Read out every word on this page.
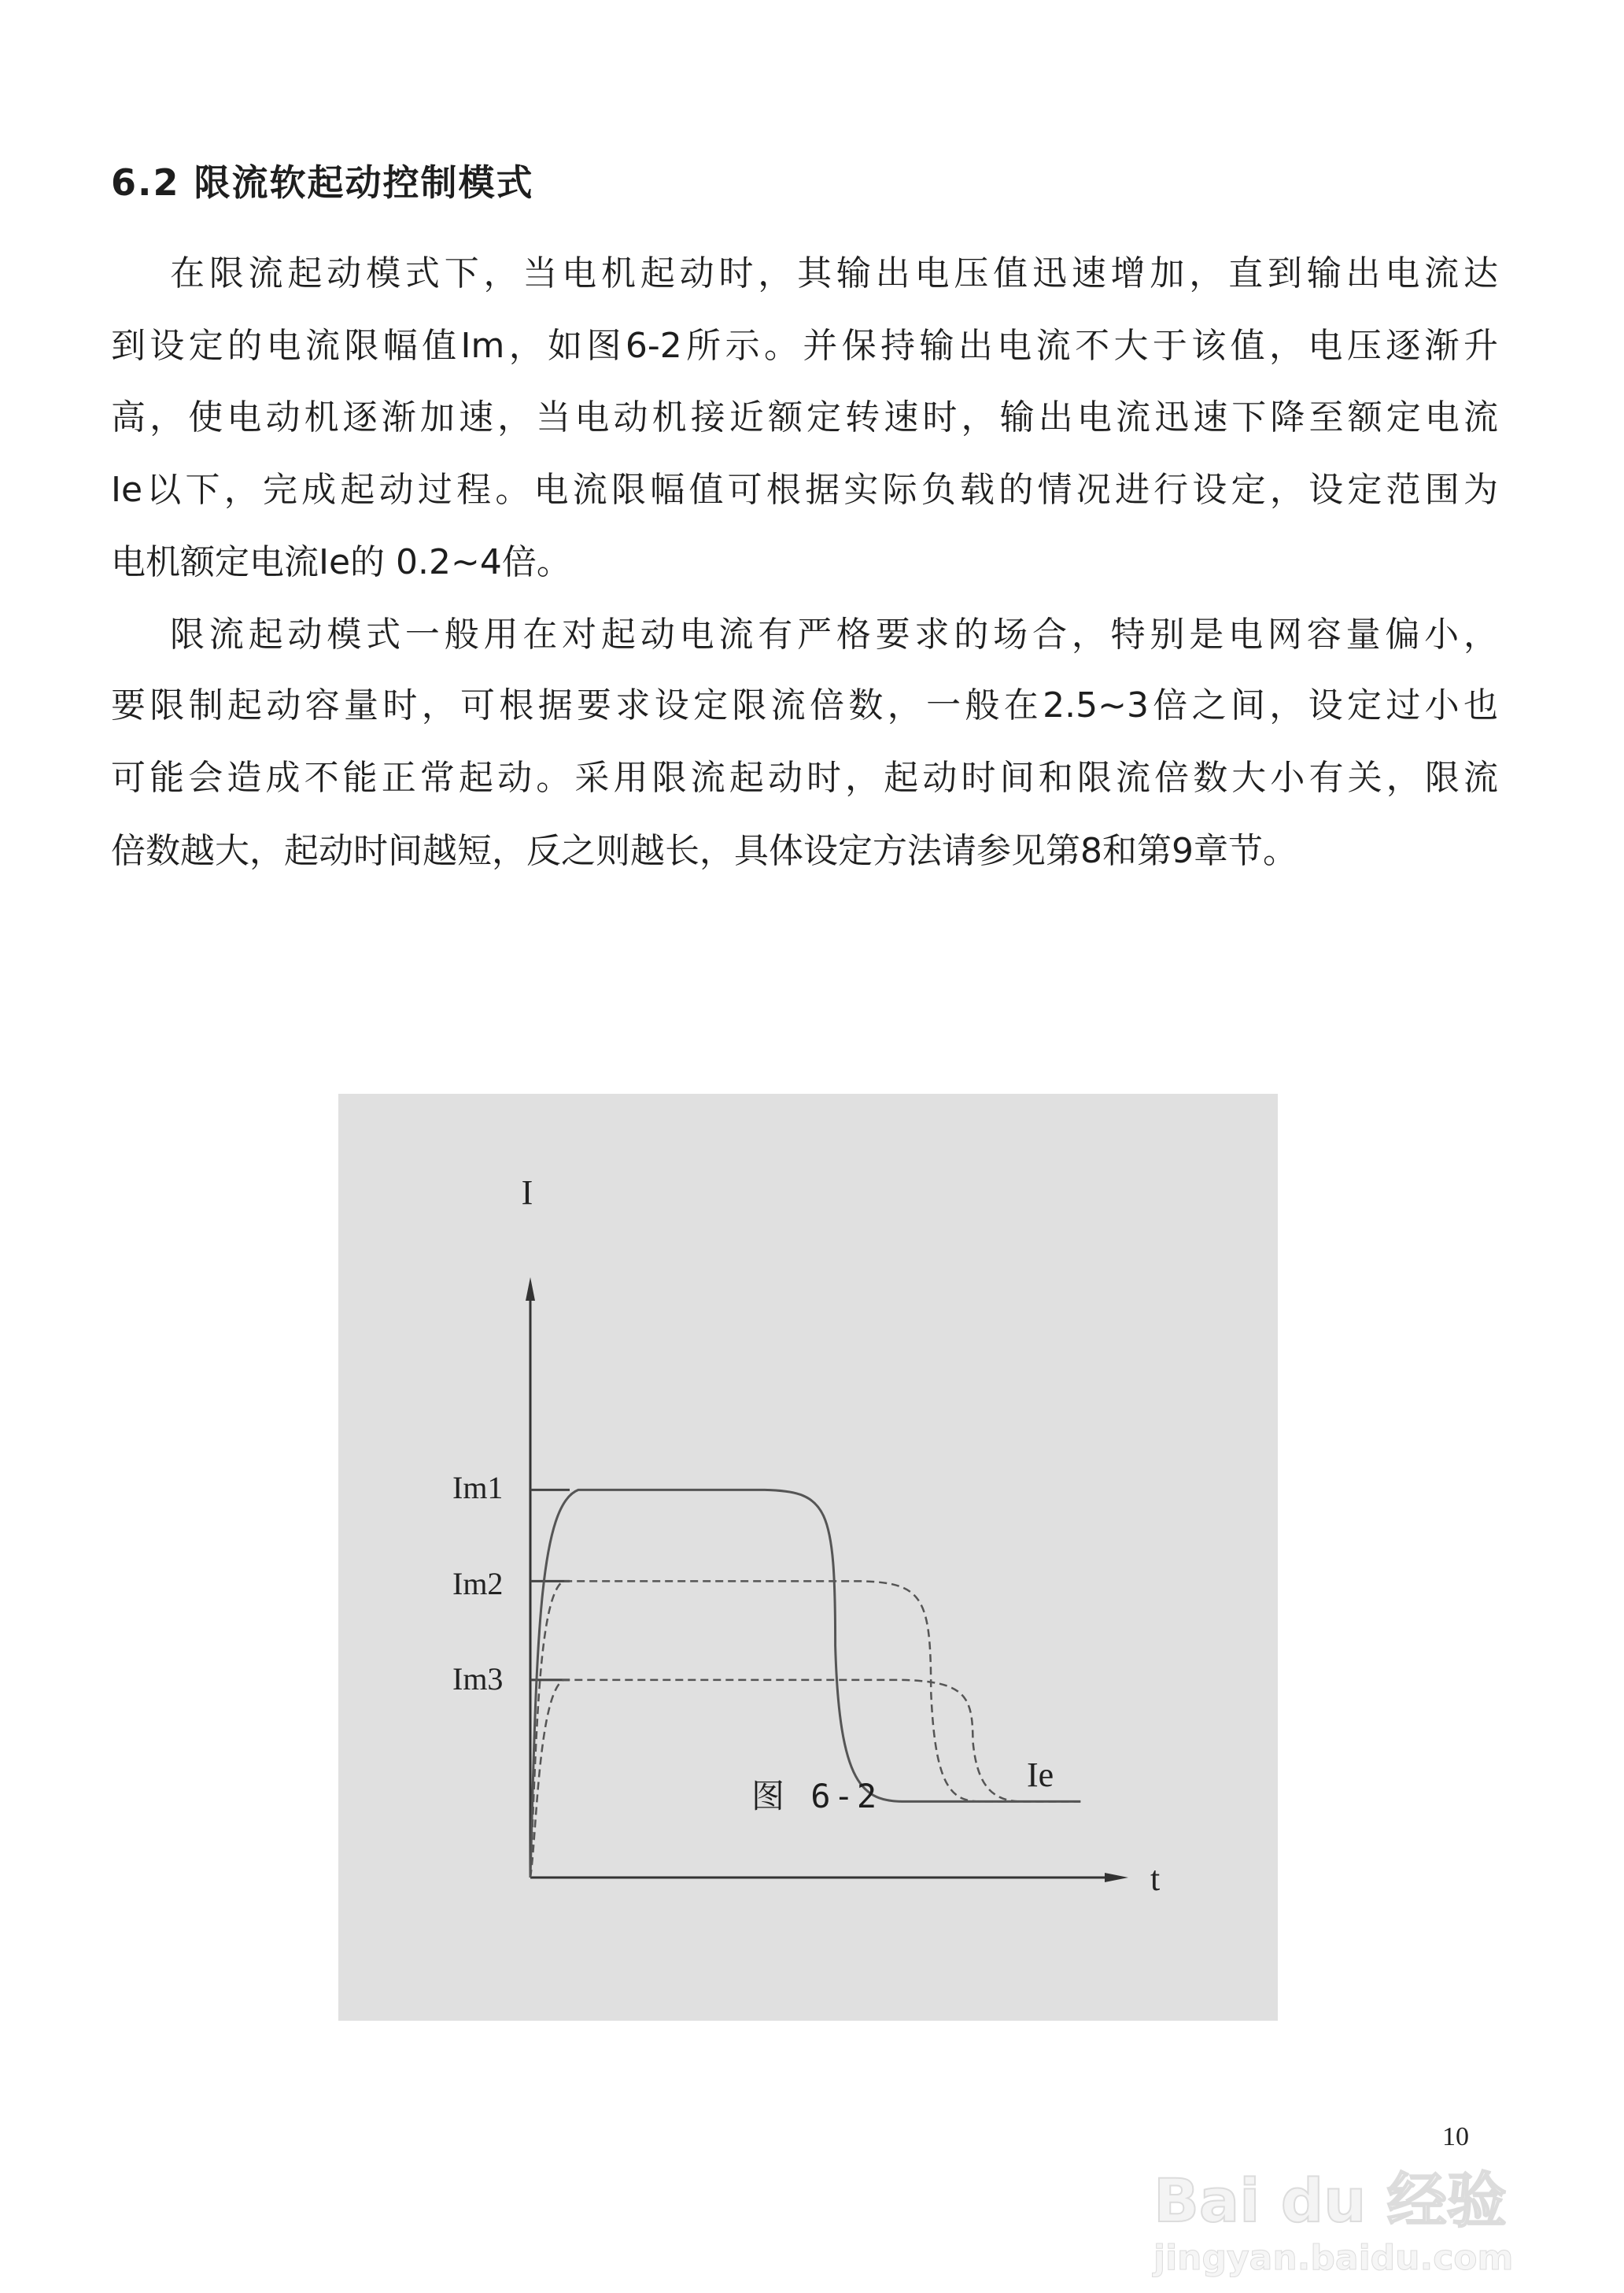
6.2 限流软起动控制模式
在限流起动模式下，当电机起动时，其输出电压值迅速增加，直到输出电流达
到设定的电流限幅值Im，如图6-2所示。并保持输出电流不大于该值，电压逐渐升
高，使电动机逐渐加速，当电动机接近额定转速时，输出电流迅速下降至额定电流
Ie以下，完成起动过程。电流限幅值可根据实际负载的情况进行设定，设定范围为
电机额定电流Ie的 0.2~4倍。
限流起动模式一般用在对起动电流有严格要求的场合，特别是电网容量偏小，
要限制起动容量时，可根据要求设定限流倍数，一般在2.5~3倍之间，设定过小也
可能会造成不能正常起动。采用限流起动时，起动时间和限流倍数大小有关，限流
倍数越大，起动时间越短，反之则越长，具体设定方法请参见第8和第9章节。
I
t
Im1
Im2
Im3
Ie
图 6-2
10
Bai du 经验
jingyan.baidu.com
